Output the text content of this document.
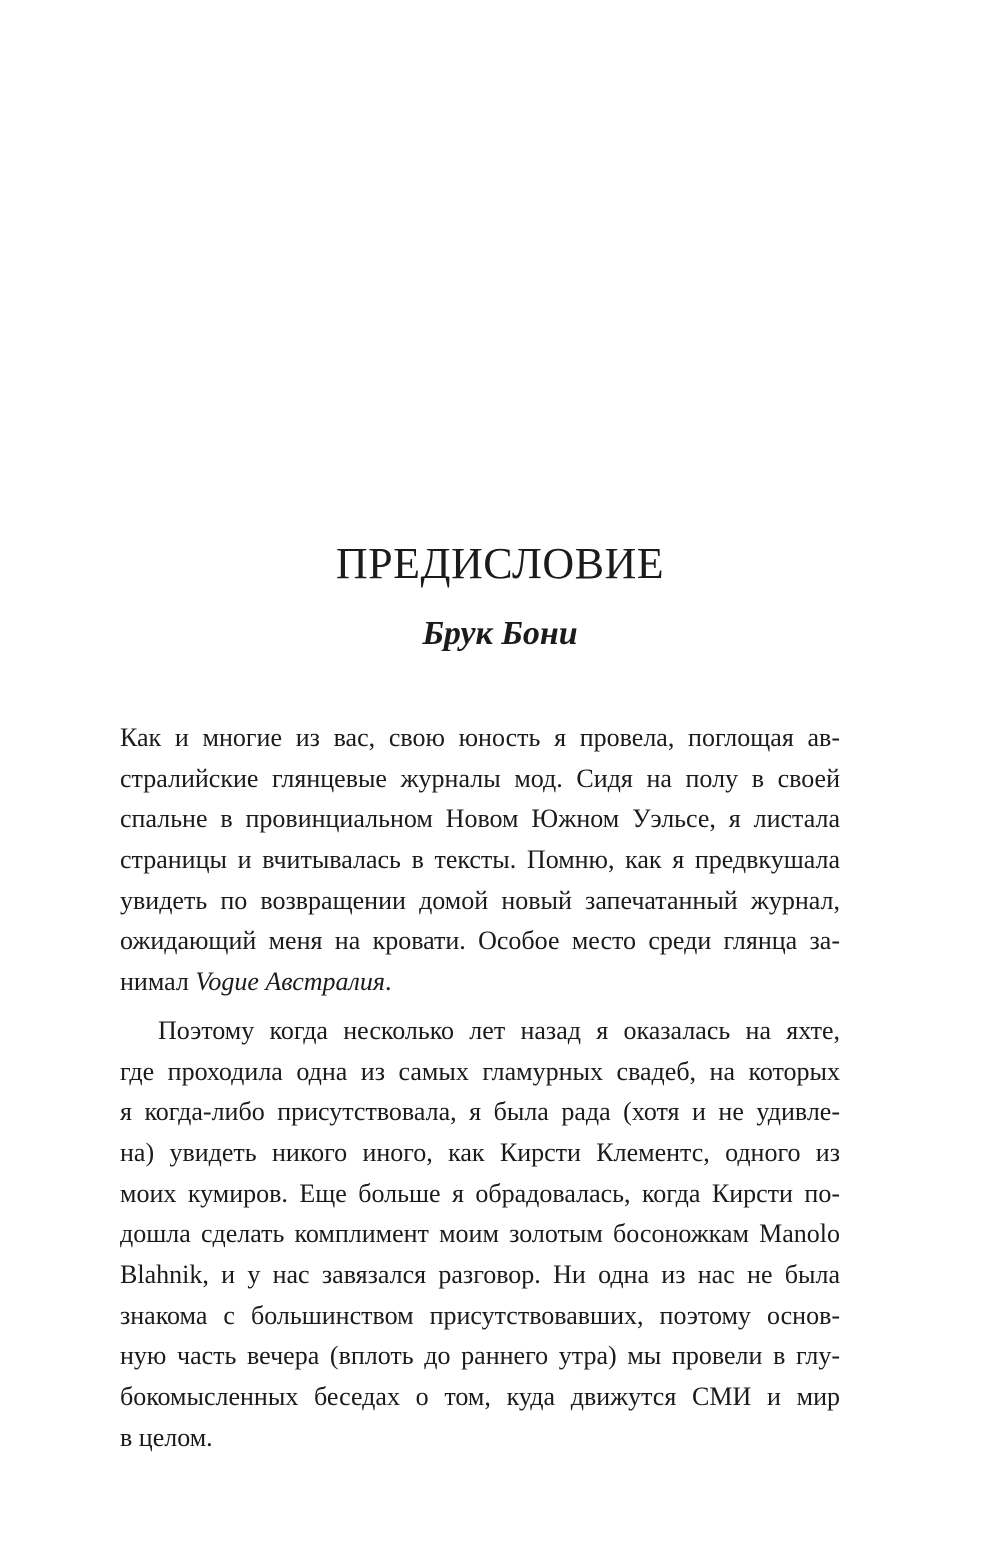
ПРЕДИСЛОВИЕ
Брук Бони
Как и многие из вас, свою юность я провела, поглощая ав-
стралийские глянцевые журналы мод. Сидя на полу в своей
спальне в провинциальном Новом Южном Уэльсе, я листала
страницы и вчитывалась в тексты. Помню, как я предвкушала
увидеть по возвращении домой новый запечатанный журнал,
ожидающий меня на кровати. Особое место среди глянца за-
нимал Vogue Австралия.
Поэтому когда несколько лет назад я оказалась на яхте,
где проходила одна из самых гламурных свадеб, на которых
я когда-либо присутствовала, я была рада (хотя и не удивле-
на) увидеть никого иного, как Кирсти Клементс, одного из
моих кумиров. Еще больше я обрадовалась, когда Кирсти по-
дошла сделать комплимент моим золотым босоножкам Manolo
Blahnik, и у нас завязался разговор. Ни одна из нас не была
знакома с большинством присутствовавших, поэтому основ-
ную часть вечера (вплоть до раннего утра) мы провели в глу-
бокомысленных беседах о том, куда движутся СМИ и мир
в целом.
